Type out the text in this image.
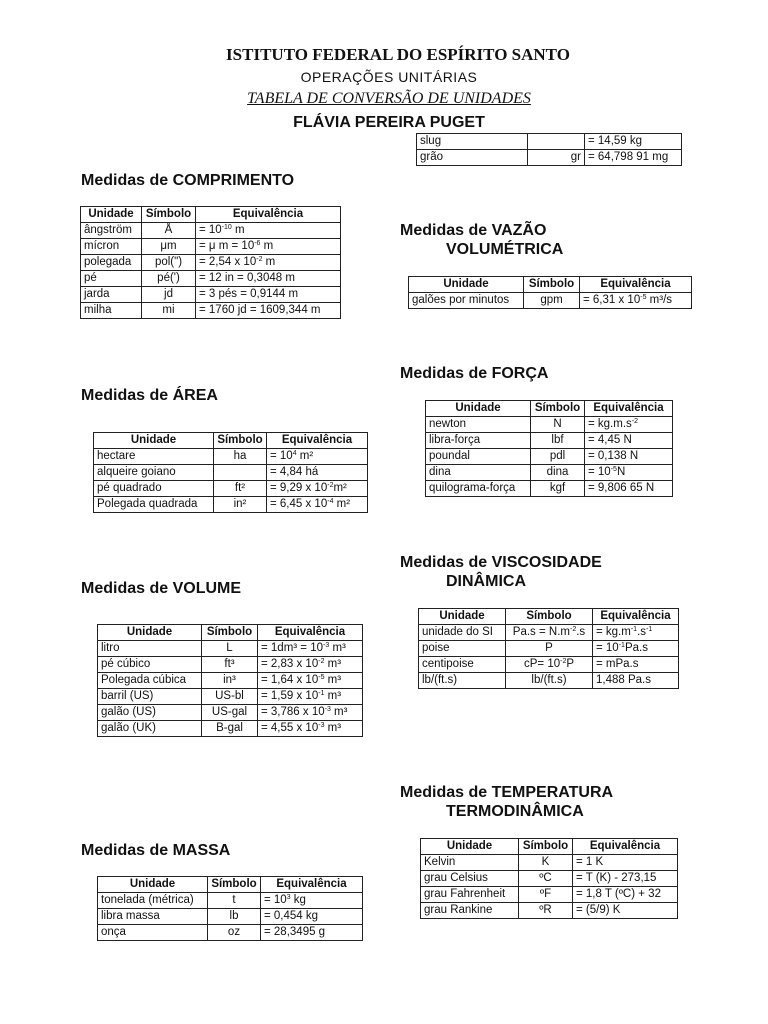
ISTITUTO FEDERAL DO ESPÍRITO SANTO
OPERAÇÕES UNITÁRIAS
TABELA DE CONVERSÃO DE UNIDADES
FLÁVIA PEREIRA PUGET
slug		= 14,59 kg
grão	gr	= 64,798 91 mg
Medidas de COMPRIMENTO
Unidade	Símbolo	Equivalência
ângström	Å	= $10^{-10}$ m
mícron	μm	= μ $m = 10^{-6}$ m
polegada	pol(")	= 2,54 x $10^{-2}$ m
pé	pé(')	= 12 in = 0,3048 m
jarda	jd	= 3 pés = 0,9144 m
milha	mi	= 1760 jd = 1609,344 m
Medidas de ÁREA
Unidade	Símbolo	Equivalência
hectare	ha	= $10^4$ m²
alqueire goiano		= 4,84 há
pé quadrado	ft²	= 9,29 x $10^{-2}m^2$
Polegada quadrada	in²	= 6,45 x $10^{-4}$ m²
Medidas de VOLUME
Unidade	Símbolo	Equivalência
litro	L	= $1dm^3 = 10^{-3}$ m³
pé cúbico	ft³	= 2,83 x $10^{-2}$ m³
Polegada cúbica	in³	= 1,64 x $10^{-5}$ m³
barril (US)	US-bl	= 1,59 x $10^{-1}$ m³
galão (US)	US-gal	= 3,786 x $10^{-3}$ m³
galão (UK)	B-gal	= 4,55 x $10^{-3}$ m³
Medidas de MASSA
Unidade	Símbolo	Equivalência
tonelada (métrica)	t	= $10^3$ kg
libra massa	lb	= 0,454 kg
onça	oz	= 28,3495 g
Medidas de VAZÃO
VOLUMÉTRICA
Unidade	Símbolo	Equivalência
galões por minutos	gpm	= 6,31 x $10^{-5}$ m³/s
Medidas de FORÇA
Unidade	Símbolo	Equivalência
newton	N	= $kg.m.s^{-2}$
libra-força	lbf	= 4,45 N
poundal	pdl	= 0,138 N
dina	dina	= $10^{-5}N$
quilograma-força	kgf	= 9,806 65 N
Medidas de VISCOSIDADE
DINÂMICA
Unidade	Símbolo	Equivalência
unidade do SI	$Pa.s = N.m^{-2}.s$	= $kg.m^{-1}.s^{-1}$
poise	P	= $10^{-1}Pa.s$
centipoise	$cP= 10^{-2}P$	= mPa.s
lb/(ft.s)	lb/(ft.s)	1,488 Pa.s
Medidas de TEMPERATURA
TERMODINÂMICA
Unidade	Símbolo	Equivalência
Kelvin	K	= 1 K
grau Celsius	ºC	= T (K) - 273,15
grau Fahrenheit	ºF	= 1,8 T (ºC) + 32
grau Rankine	ºR	= (5/9) K
